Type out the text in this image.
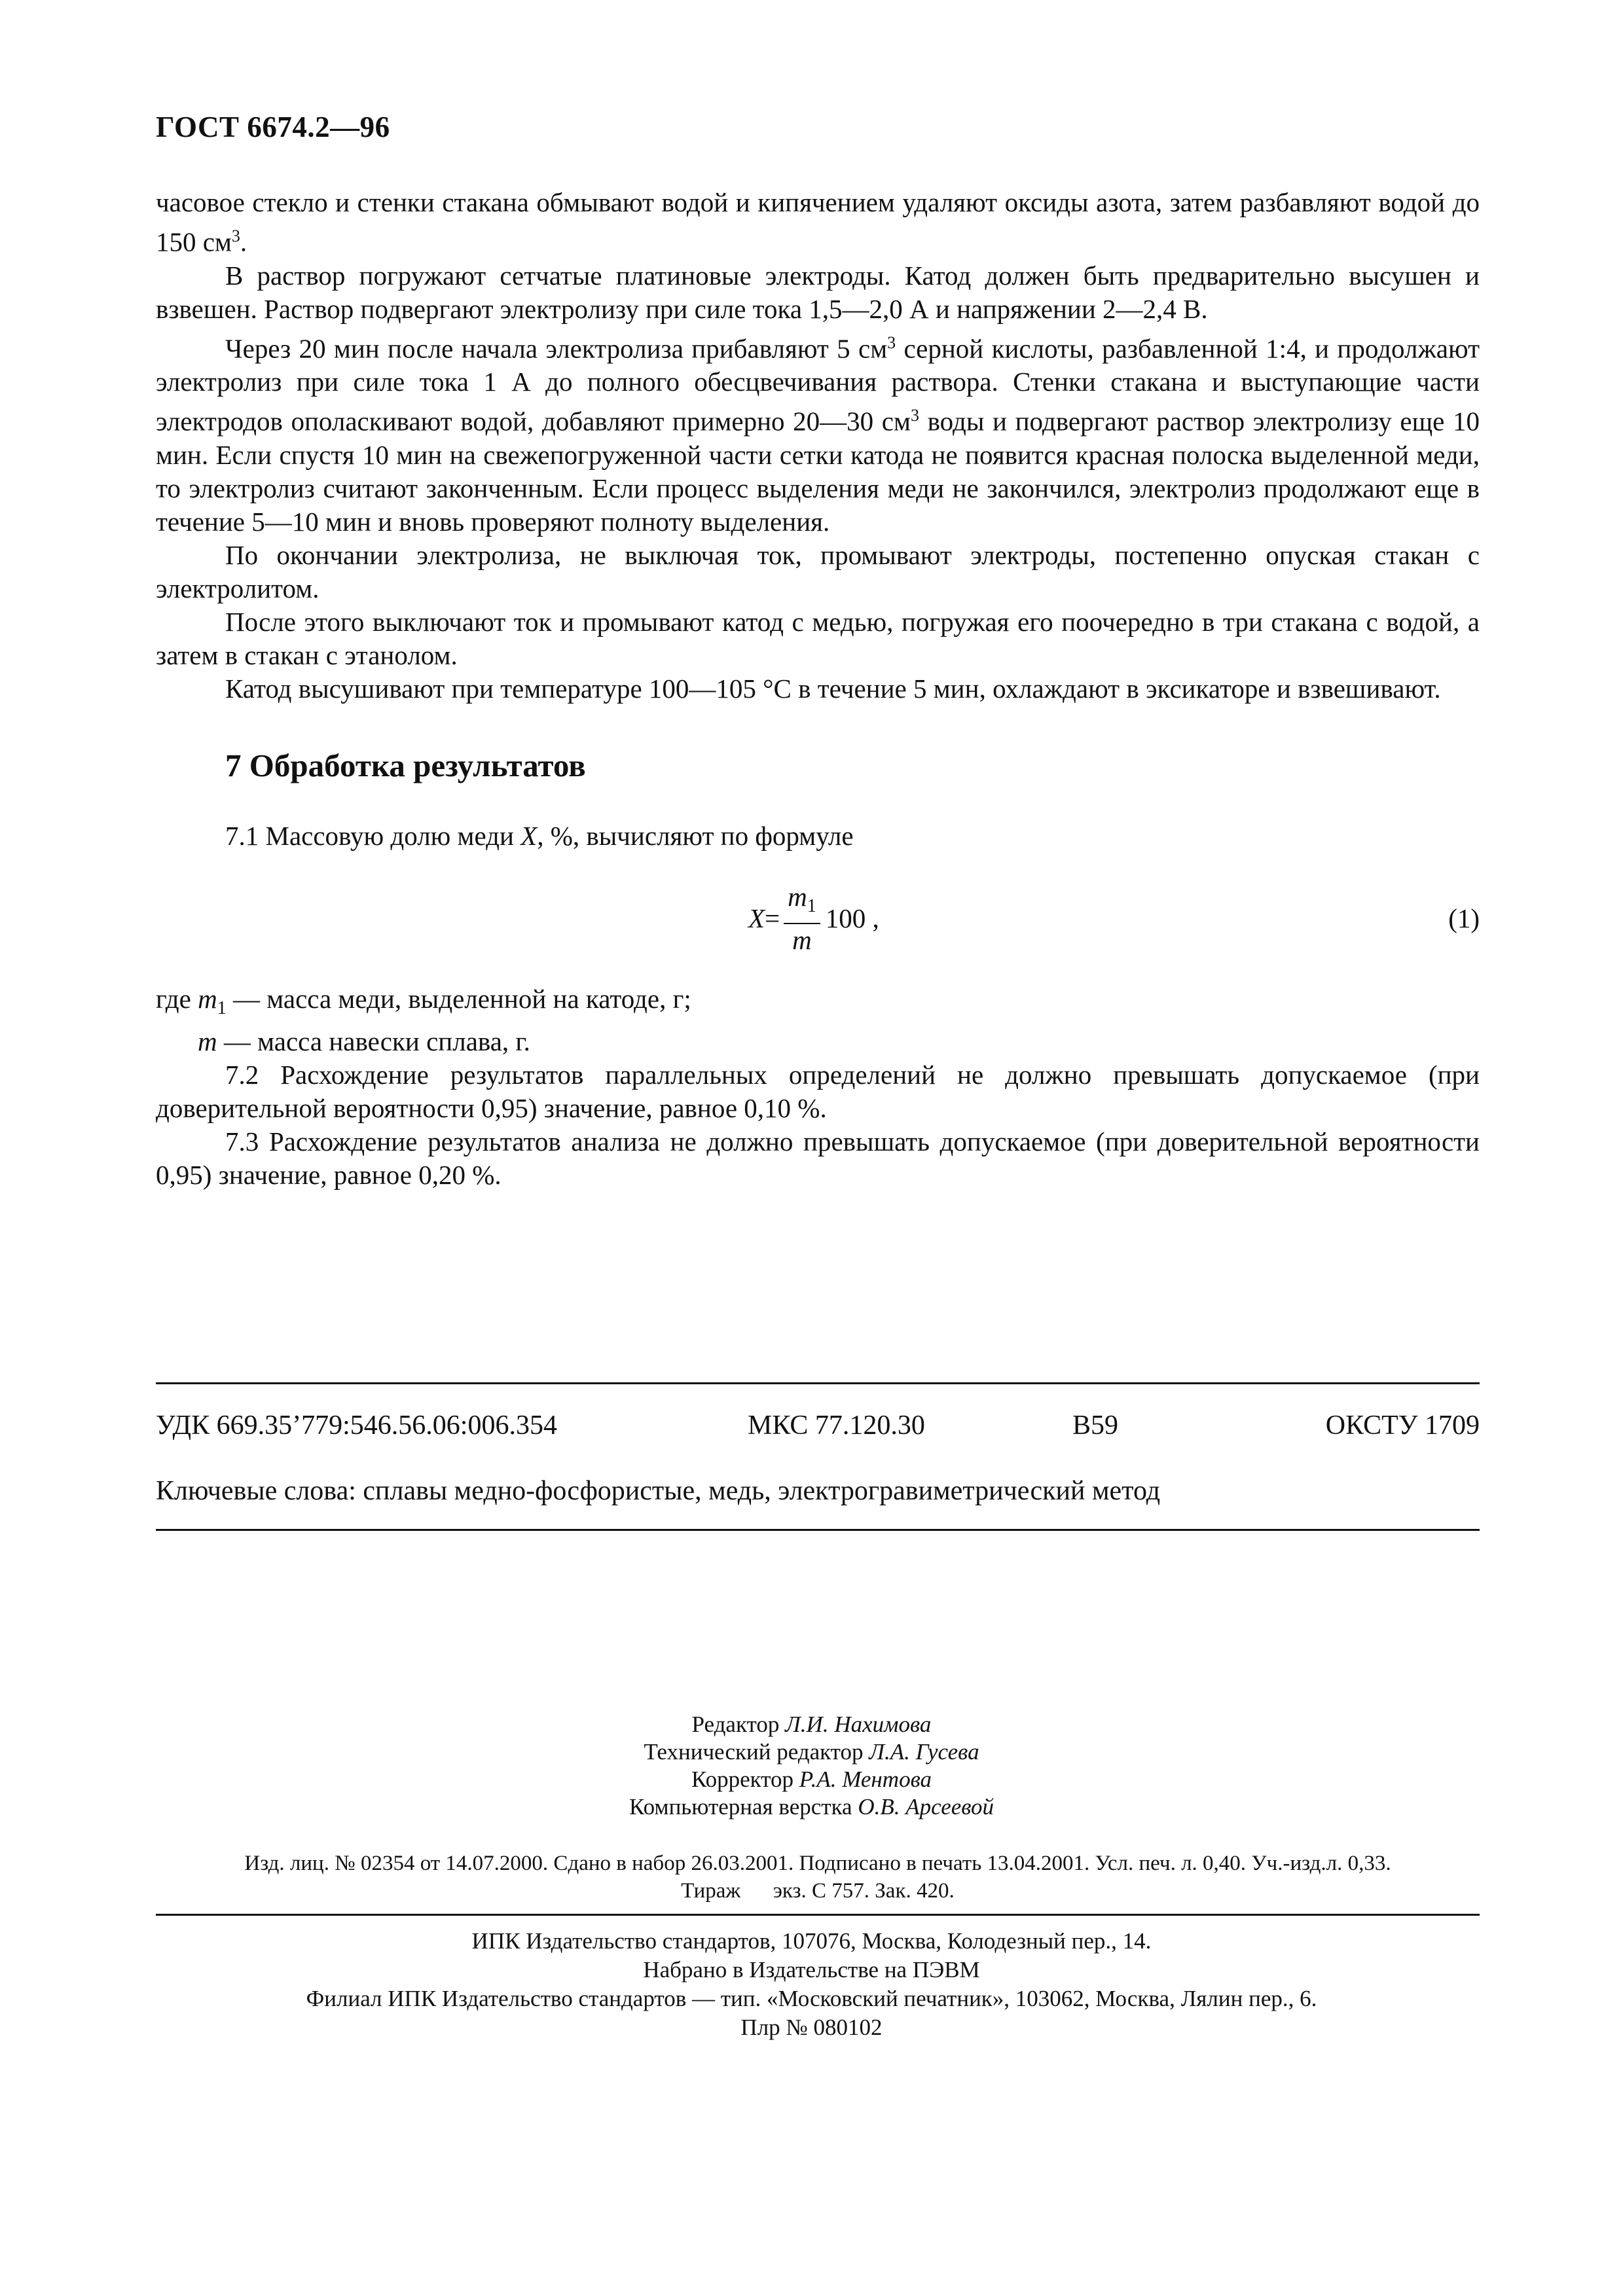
ГОСТ 6674.2—96

часовое стекло и стенки стакана обмывают водой и кипячением удаляют оксиды азота, затем разбавляют водой до 150 $см^3$.

В раствор погружают сетчатые платиновые электроды. Катод должен быть предварительно высушен и взвешен. Раствор подвергают электролизу при силе тока 1,5—2,0 А и напряжении 2—2,4 В.

Через 20 мин после начала электролиза прибавляют 5 $см^3$ серной кислоты, разбавленной 1:4, и продолжают электролиз при силе тока 1 А до полного обесцвечивания раствора. Стенки стакана и выступающие части электродов ополаскивают водой, добавляют примерно 20—30 $см^3$ воды и подвергают раствор электролизу еще 10 мин. Если спустя 10 мин на свежепогруженной части сетки катода не появится красная полоска выделенной меди, то электролиз считают законченным. Если процесс выделения меди не закончился, электролиз продолжают еще в течение 5—10 мин и вновь проверяют полноту выделения.

По окончании электролиза, не выключая ток, промывают электроды, постепенно опуская стакан с электролитом.

После этого выключают ток и промывают катод с медью, погружая его поочередно в три стакана с водой, а затем в стакан с этанолом.

Катод высушивают при температуре 100—105 °С в течение 5 мин, охлаждают в эксикаторе и взвешивают.

7 Обработка результатов

7.1 Массовую долю меди X, %, вычисляют по формуле

$X = \frac{m_1}{m} 100$ ,	(1)

где $m_1$ — масса меди, выделенной на катоде, г;

m — масса навески сплава, г.

7.2 Расхождение результатов параллельных определений не должно превышать допускаемое (при доверительной вероятности 0,95) значение, равное 0,10 %.

7.3 Расхождение результатов анализа не должно превышать допускаемое (при доверительной вероятности 0,95) значение, равное 0,20 %.

УДК 669.35’779:546.56.06:006.354	МКС 77.120.30	В59	ОКСТУ 1709
Ключевые слова: сплавы медно-фосфористые, медь, электрогравиметрический метод
Редактор Л.И. Нахимова
Технический редактор Л.А. Гусева
Корректор Р.А. Ментова
Компьютерная верстка О.В. Арсеевой
Изд. лиц. № 02354 от 14.07.2000. Сдано в набор 26.03.2001. Подписано в печать 13.04.2001. Усл. печ. л. 0,40. Уч.-изд.л. 0,33.
Тираж      экз. С 757. Зак. 420.
ИПК Издательство стандартов, 107076, Москва, Колодезный пер., 14.
Набрано в Издательстве на ПЭВМ
Филиал ИПК Издательство стандартов — тип. «Московский печатник», 103062, Москва, Лялин пер., 6.
Плр № 080102
